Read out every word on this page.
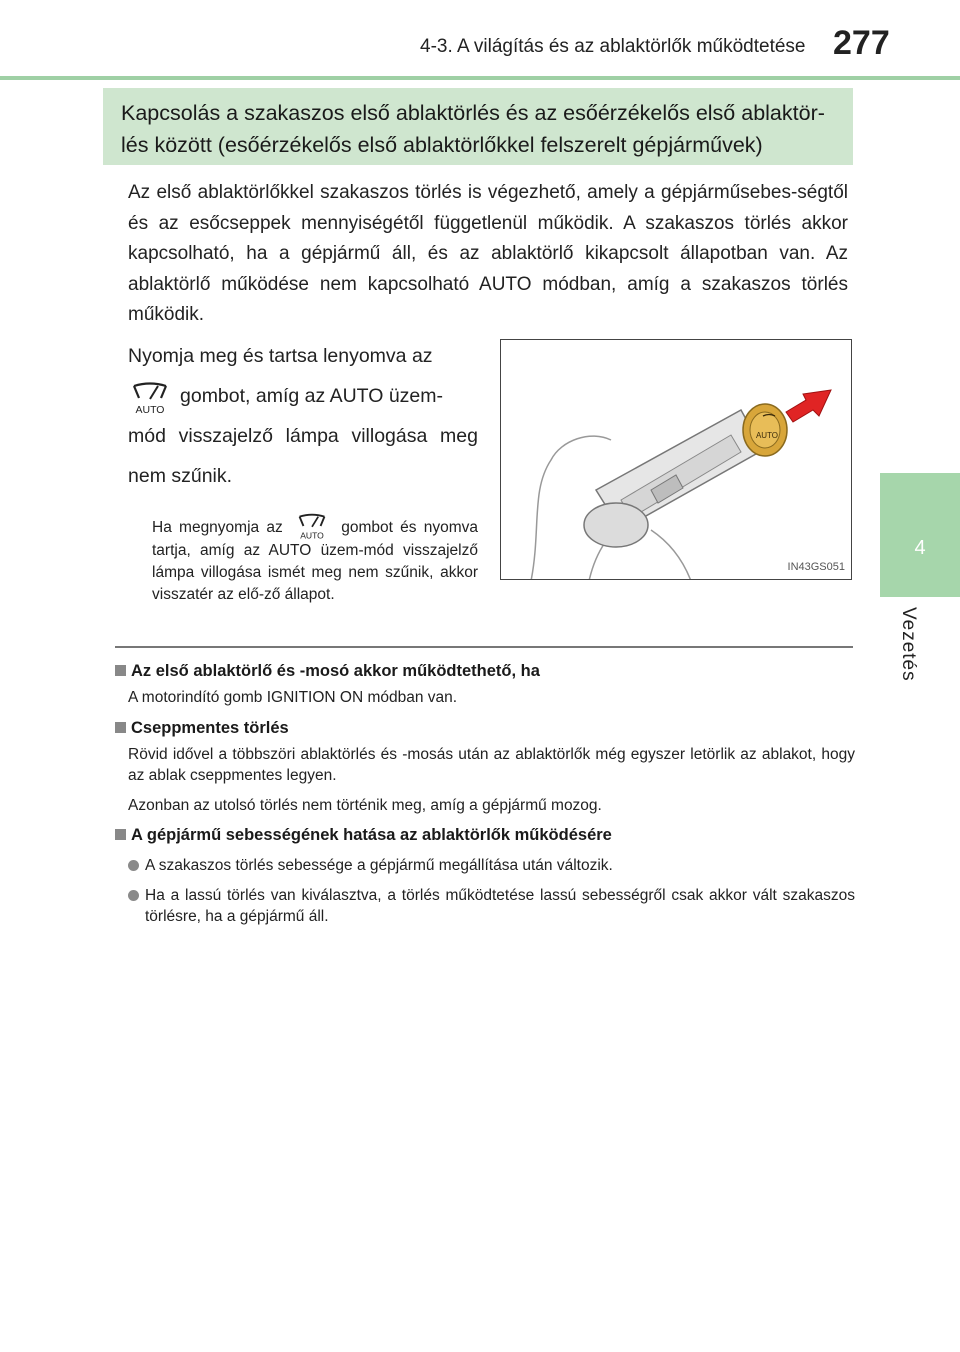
4-3. A világítás és az ablaktörlők működtetése 277
4
Vezetés
Kapcsolás a szakaszos első ablaktörlés és az esőérzékelős első ablaktör-
lés között (esőérzékelős első ablaktörlőkkel felszerelt gépjárművek)
Az első ablaktörlőkkel szakaszos törlés is végezhető, amely a gépjárműsebes-ségtől és az esőcseppek mennyiségétől függetlenül működik. A szakaszos törlés akkor kapcsolható, ha a gépjármű áll, és az ablaktörlő kikapcsolt állapotban van. Az ablaktörlő működése nem kapcsolható AUTO módban, amíg a szakaszos törlés működik.
AUTO
Nyomja meg és tartsa lenyomva az
gombot, amíg az AUTO üzem-
mód visszajelző lámpa villogása meg nem szűnik.
Ha megnyomja az AUTO gombot és nyomva tartja, amíg az AUTO üzem-mód visszajelző lámpa villogása ismét meg nem szűnik, akkor visszatér az elő-ző állapot.
AUTO
IN43GS051
Az első ablaktörlő és -mosó akkor működtethető, ha
A motorindító gomb IGNITION ON módban van.
Cseppmentes törlés
Rövid idővel a többszöri ablaktörlés és -mosás után az ablaktörlők még egyszer letörlik az ablakot, hogy az ablak cseppmentes legyen.
Azonban az utolsó törlés nem történik meg, amíg a gépjármű mozog.
A gépjármű sebességének hatása az ablaktörlők működésére
A szakaszos törlés sebessége a gépjármű megállítása után változik.
Ha a lassú törlés van kiválasztva, a törlés működtetése lassú sebességről csak akkor vált szakaszos törlésre, ha a gépjármű áll.
